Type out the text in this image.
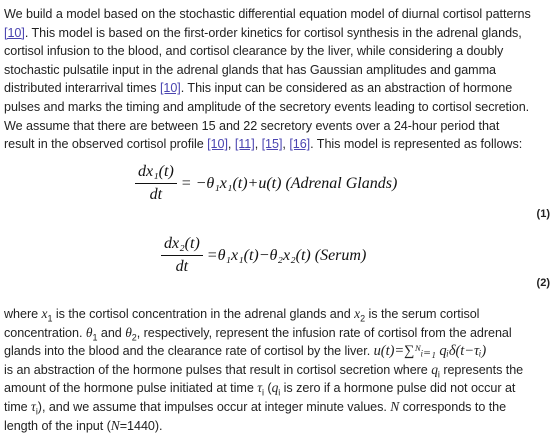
We build a model based on the stochastic differential equation model of diurnal cortisol patterns
[10]. This model is based on the first-order kinetics for cortisol synthesis in the adrenal glands,
cortisol infusion to the blood, and cortisol clearance by the liver, while considering a doubly
stochastic pulsatile input in the adrenal glands that has Gaussian amplitudes and gamma
distributed interarrival times [10]. This input can be considered as an abstraction of hormone
pulses and marks the timing and amplitude of the secretory events leading to cortisol secretion.
We assume that there are between 15 and 22 secretory events over a 24-hour period that
result in the observed cortisol profile [10], [11], [15], [16]. This model is represented as follows:

$\frac{\text{dx₁(t)}}{dt} = -\theta_1x_1(t)+u(t)$ (Adrenal Glands)
(1)
$\frac{\text{dx₂(t)}}{dt} =\theta_1x_1(t)-\theta_2x_2(t)$ (Serum)
(2)

where $x_1$ is the cortisol concentration in the adrenal glands and $x_2$ is the serum cortisol
concentration. $\theta_1$ and $\theta_2$, respectively, represent the infusion rate of cortisol from the adrenal
glands into the blood and the clearance rate of cortisol by the liver. u(t)=∑ᴺᵢ₌₁ qᵢδ(t−τᵢ)
is an abstraction of the hormone pulses that result in cortisol secretion where $q_i$ represents the
amount of the hormone pulse initiated at time $\tau_i$ ($q_i$ is zero if a hormone pulse did not occur at
time $\tau_i$), and we assume that impulses occur at integer minute values. N corresponds to the
length of the input (N=1440).
